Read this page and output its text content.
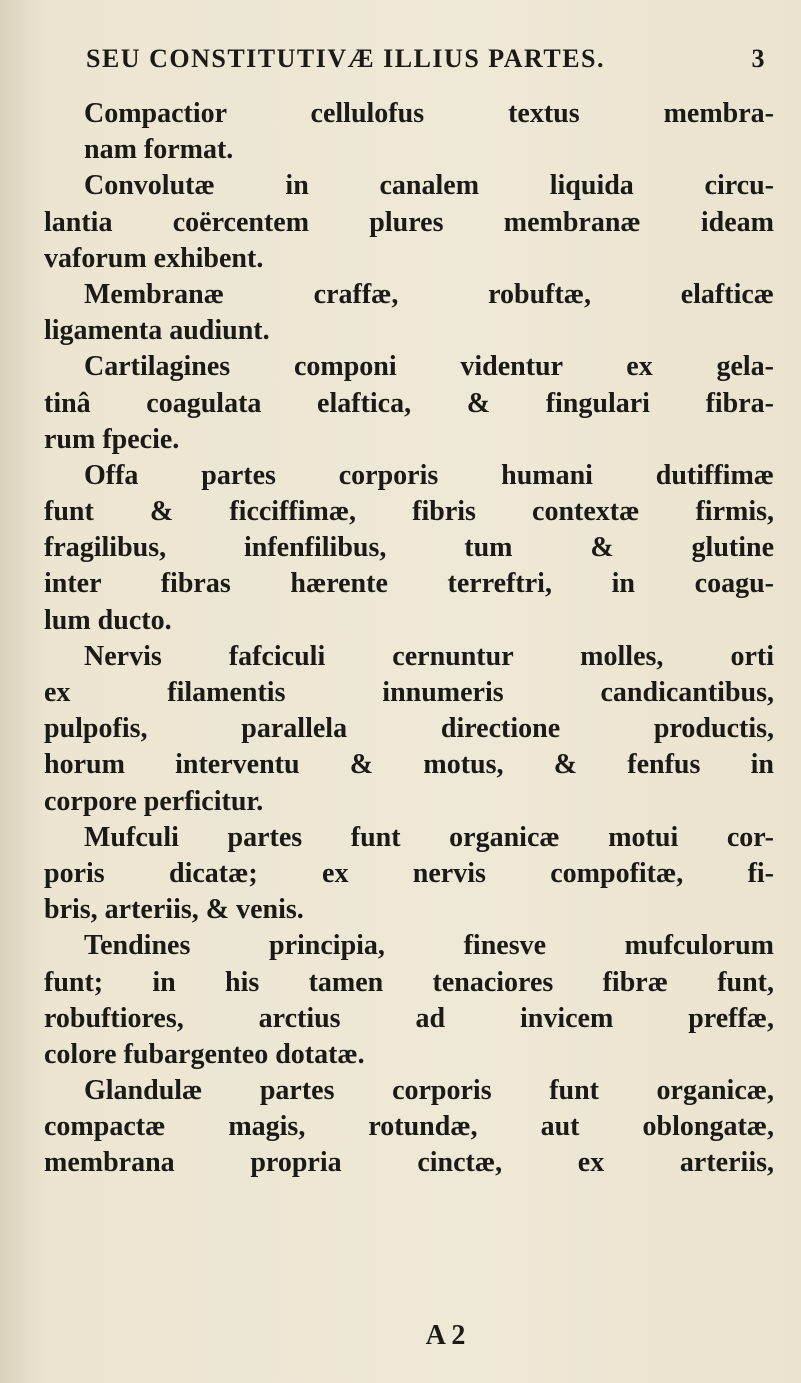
SEU CONSTITUTIVÆ ILLIUS PARTES.	3
Compactior cellulofus textus membra-
nam format.
Convolutæ in canalem liquida circu-
lantia coërcentem plures membranæ ideam
vaforum exhibent.
Membranæ craffæ, robuftæ, elafticæ
ligamenta audiunt.
Cartilagines componi videntur ex gela-
tinâ coagulata elaftica, & fingulari fibra-
rum fpecie.
Offa partes corporis humani dutiffimæ
funt & ficciffimæ, fibris contextæ firmis,
fragilibus, infenfilibus, tum & glutine
inter fibras hærente terreftri, in coagu-
lum ducto.
Nervis fafciculi cernuntur molles, orti
ex filamentis innumeris candicantibus,
pulpofis, parallela directione productis,
horum interventu & motus, & fenfus in
corpore perficitur.
Mufculi partes funt organicæ motui cor-
poris dicatæ; ex nervis compofitæ, fi-
bris, arteriis, & venis.
Tendines principia, finesve mufculorum
funt; in his tamen tenaciores fibræ funt,
robuftiores, arctius ad invicem preffæ,
colore fubargenteo dotatæ.
Glandulæ partes corporis funt organicæ,
compactæ magis, rotundæ, aut oblongatæ,
membrana propria cinctæ, ex arteriis,
A 2
